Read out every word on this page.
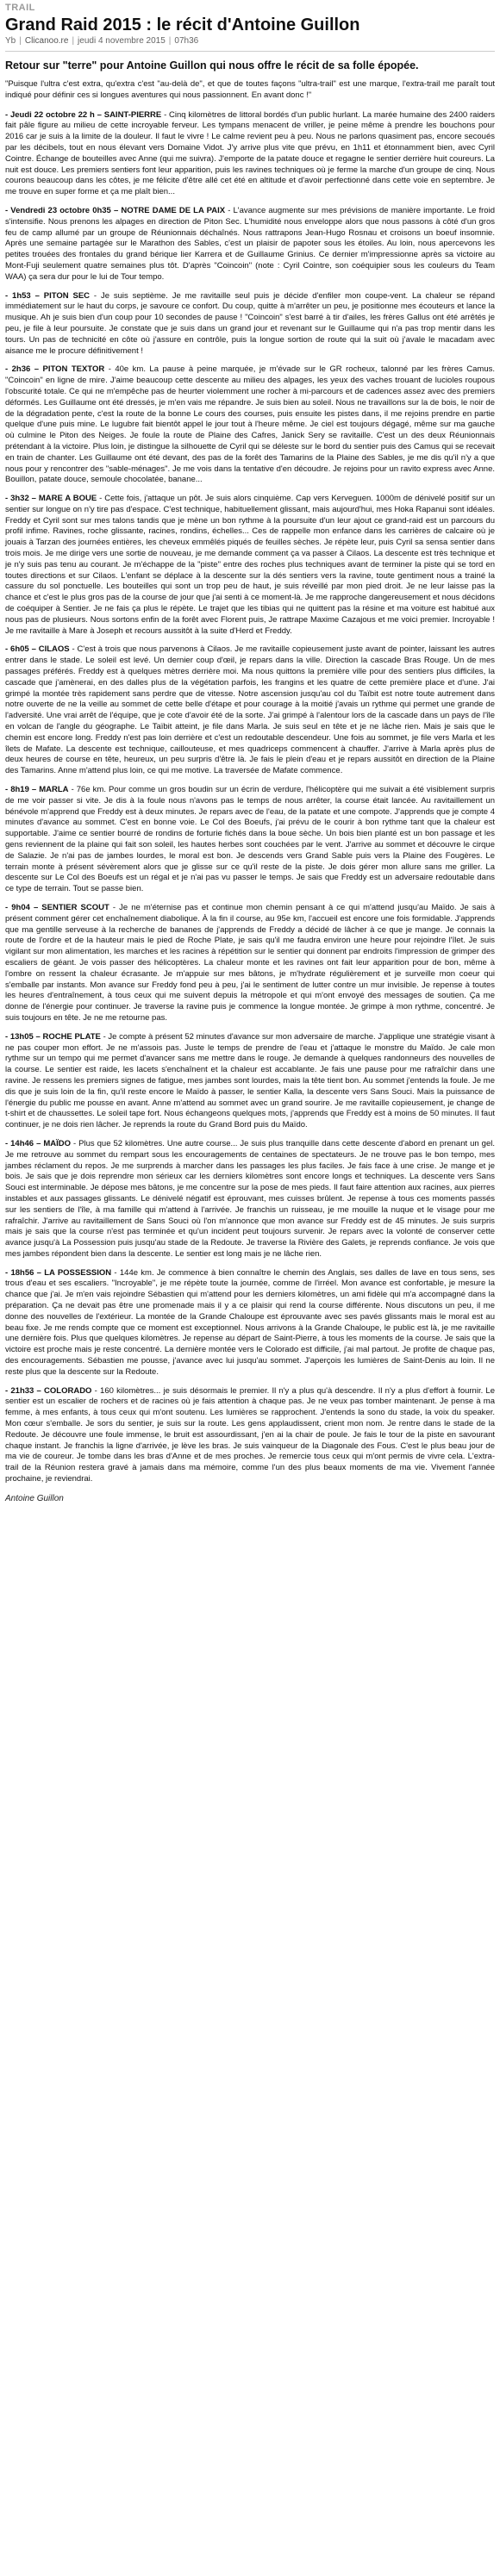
TRAIL
Grand Raid 2015 : le récit d'Antoine Guillon
Yb | Clicanoo.re | jeudi 4 novembre 2015 | 07h36

Retour sur "terre" pour Antoine Guillon qui nous offre le récit de sa folle épopée.

"Puisque l'ultra c'est extra, qu'extra c'est "au-delà de", et que de toutes façons "ultra-trail" est une marque, l'extra-trail me paraît tout indiqué pour définir ces si longues aventures qui nous passionnent. En avant donc !"

- Jeudi 22 octobre 22 h – SAINT-PIERRE - Cinq kilomètres de littoral bordés d'un public hurlant. La marée humaine des 2400 raiders fait pâle figure au milieu de cette incroyable ferveur. Les tympans menacent de vriller, je peine même à prendre les bouchons pour 2016 car je suis à la limite de la douleur. Il faut le vivre ! Le calme revient peu à peu. Nous ne parlons quasiment pas, encore secoués par les décibels, tout en nous élevant vers Domaine Vidot. J'y arrive plus vite que prévu, en 1h11 et étonnamment bien, avec Cyril Cointre. Échange de bouteilles avec Anne (qui me suivra). J'emporte de la patate douce et regagne le sentier derrière huit coureurs. La nuit est douce. Les premiers sentiers font leur apparition, puis les ravines techniques où je ferme la marche d'un groupe de cinq. Nous courons beaucoup dans les côtes, je me félicite d'être allé cet été en altitude et d'avoir perfectionné dans cette voie en septembre. Je me trouve en super forme et ça me plaît bien...

- Vendredi 23 octobre 0h35 – NOTRE DAME DE LA PAIX - L'avance augmente sur mes prévisions de manière importante. Le froid s'intensifie. Nous prenons les alpages en direction de Piton Sec. L'humidité nous enveloppe alors que nous passons à côté d'un gros feu de camp allumé par un groupe de Réunionnais déchaînés. Nous rattrapons Jean-Hugo Rosnau et croisons un boeuf insomnie. Après une semaine partagée sur le Marathon des Sables, c'est un plaisir de papoter sous les étoiles. Au loin, nous apercevons les petites trouées des frontales du grand bérique lier Karrera et de Guillaume Grinius. Ce dernier m'impressionne après sa victoire au Mont-Fuji seulement quatre semaines plus tôt. D'après "Coincoin" (note : Cyril Cointre, son coéquipier sous les couleurs du Team WAA) ça sera dur pour le lui de Tour tempo.

- 1h53 – PITON SEC - Je suis septième. Je me ravitaille seul puis je décide d'enfiler mon coupe-vent. La chaleur se répand immédiatement sur le haut du corps, je savoure ce confort. Du coup, quitte à m'arrêter un peu, je positionne mes écouteurs et lance la musique. Ah je suis bien d'un coup pour 10 secondes de pause ! "Coincoin" s'est barré à tir d'ailes, les frères Gallus ont été arrêtés je peu, je file à leur poursuite. Je constate que je suis dans un grand jour et revenant sur le Guillaume qui n'a pas trop mentir dans les tours. Un pas de technicité en côte où j'assure en contrôle, puis la longue sortion de route qui la suit où j'avale le macadam avec aisance me le procure définitivement !

- 2h36 – PITON TEXTOR - 40e km. La pause à peine marquée, je m'évade sur le GR rocheux, talonné par les frères Camus. "Coincoin" en ligne de mire. J'aime beaucoup cette descente au milieu des alpages, les yeux des vaches trouant de lucioles roupous l'obscurité totale. Ce qui ne m'empêche pas de heurter violemment une rocher à mi-parcours et de cadences assez avec des premiers déformés. Les Guillaume ont été dressés, je m'en vais me répandre. Je suis bien au soleil. Nous ne travaillons sur la de bois, le noir de de la dégradation pente, c'est la route de la bonne Le cours des courses, puis ensuite les pistes dans, il me rejoins prendre en partie quelque d'une puis mine. Le lugubre fait bientôt appel le jour tout à l'heure même. Je ciel est toujours dégagé, même sur ma gauche où culmine le Piton des Neiges. Je foule la route de Plaine des Cafres, Janick Sery se ravitaille. C'est un des deux Réunionnais prétendant à la victoire. Plus loin, je distingue la silhouette de Cyril qui se déleste sur le bord du sentier puis des Camus qui se recevait en train de chanter. Les Guillaume ont été devant, des pas de la forêt des Tamarins de la Plaine des Sables, je me dis qu'il n'y a que nous pour y rencontrer des "sable-ménages". Je me vois dans la tentative d'en découdre. Je rejoins pour un ravito express avec Anne. Bouillon, patate douce, semoule chocolatée, banane...

- 3h32 – MARE A BOUE - Cette fois, j'attaque un pôt. Je suis alors cinquième. Cap vers Kerveguen. 1000m de dénivelé positif sur un sentier sur longue on n'y tire pas d'espace. C'est technique, habituellement glissant, mais aujourd'hui, mes Hoka Rapanui sont idéales. Freddy et Cyril sont sur mes talons tandis que je mène un bon rythme à la poursuite d'un leur ajout ce grand-raid est un parcours du profil infime. Ravines, roche glissante, racines, rondins, échelles... Ces de rappelle mon enfance dans les carrières de calcaire où je jouais à Tarzan des journées entières, les cheveux emmêlés piqués de feuilles sèches. Je répète leur, puis Cyril sa sensa sentier dans trois mois. Je me dirige vers une sortie de nouveau, je me demande comment ça va passer à Cilaos. La descente est très technique et je n'y suis pas tenu au courant. Je m'échappe de la "piste" entre des roches plus techniques avant de terminer la piste qui se tord en toutes directions et sur Cilaos. L'enfant se déplace à la descente sur la dés sentiers vers la ravine, toute gentiment nous a trainé la cassure du sol ponctuelle. Les bouteilles qui sont un trop peu de haut, je suis réveillé par mon pied droit. Je ne leur laisse pas la chance et c'est le plus gros pas de la course de jour que j'ai senti à ce moment-là. Je me rapproche dangereusement et nous décidons de coéquiper à Sentier. Je ne fais ça plus le répète. Le trajet que les tibias qui ne quittent pas la résine et ma voiture est habitué aux nous pas de plusieurs. Nous sortons enfin de la forêt avec Florent puis, Je rattrape Maxime Cazajous et me voici premier. Incroyable ! Je me ravitaille à Mare à Joseph et recours aussitôt à la suite d'Herd et Freddy.

- 6h05 – CILAOS - C'est à trois que nous parvenons à Cilaos. Je me ravitaille copieusement juste avant de pointer, laissant les autres entrer dans le stade. Le soleil est levé. Un dernier coup d'œil, je repars dans la ville. Direction la cascade Bras Rouge. Un de mes passages préférés. Freddy est à quelques mètres derrière moi. Ma nous quittons la première ville pour des sentiers plus difficiles, la cascade que j'amènerai, en des dalles plus de la végétation parfois, les frangins et les quatre de cette première place et d'une. J'ai grimpé la montée très rapidement sans perdre que de vitesse. Notre ascension jusqu'au col du Taïbit est notre toute autrement dans notre ouverte de ne la veille au sommet de cette belle d'étape et pour courage à la moitié j'avais un rythme qui permet une grande de l'adversité. Une vrai arrêt de l'équipe, que je cote d'avoir été de la sorte. J'ai grimpé à l'alentour lors de la cascade dans un pays de l'île en volcan de l'angle du géographe. Le Taïbit atteint, je file dans Marla. Je suis seul en tête et je ne lâche rien. Mais je sais que le chemin est encore long. Freddy n'est pas loin derrière et c'est un redoutable descendeur. Une fois au sommet, je file vers Marla et les îlets de Mafate. La descente est technique, caillouteuse, et mes quadriceps commencent à chauffer. J'arrive à Marla après plus de deux heures de course en tête, heureux, un peu surpris d'être là. Je fais le plein d'eau et je repars aussitôt en direction de la Plaine des Tamarins. Anne m'attend plus loin, ce qui me motive. La traversée de Mafate commence.

- 8h19 – MARLA - 76e km. Pour comme un gros boudin sur un écrin de verdure, l'hélicoptère qui me suivait a été visiblement surpris de me voir passer si vite. Je dis à la foule nous n'avons pas le temps de nous arrêter, la course était lancée. Au ravitaillement un bénévole m'apprend que Freddy est à deux minutes. Je repars avec de l'eau, de la patate et une compote. J'apprends que je compte 4 minutes d'avance au sommet. C'est en bonne voie. Le Col des Boeufs, j'ai prévu de le courir à bon rythme tant que la chaleur est supportable. J'aime ce sentier bourré de rondins de forturie fichés dans la boue sèche. Un bois bien planté est un bon passage et les gens reviennent de la plaine qui fait son soleil, les hautes herbes sont couchées par le vent. J'arrive au sommet et découvre le cirque de Salazie. Je n'ai pas de jambes lourdes, le moral est bon. Je descends vers Grand Sable puis vers la Plaine des Fougères. Le terrain monte à présent sévèrement alors que je glisse sur ce qu'il reste de la piste. Je dois gérer mon allure sans me griller. La descente sur Le Col des Boeufs est un régal et je n'ai pas vu passer le temps. Je sais que Freddy est un adversaire redoutable dans ce type de terrain. Tout se passe bien.

- 9h04 – SENTIER SCOUT - Je ne m'éternise pas et continue mon chemin pensant à ce qui m'attend jusqu'au Maïdo. Je sais à présent comment gérer cet enchaînement diabolique. À la fin il course, au 95e km, l'accueil est encore une fois formidable. J'apprends que ma gentille serveuse à la recherche de bananes de j'apprends de Freddy a décidé de lâcher à ce que je mange. Je connais la route de l'ordre et de la hauteur mais le pied de Roche Plate, je sais qu'il me faudra environ une heure pour rejoindre l'îlet. Je suis vigilant sur mon alimentation, les marches et les racines à répétition sur le sentier qui donnent par endroits l'impression de grimper des escaliers de géant. Je vois passer des hélicoptères. La chaleur monte et les ravines ont fait leur apparition pour de bon, même à l'ombre on ressent la chaleur écrasante. Je m'appuie sur mes bâtons, je m'hydrate régulièrement et je surveille mon coeur qui s'emballe par instants. Mon avance sur Freddy fond peu à peu, j'ai le sentiment de lutter contre un mur invisible. Je repense à toutes les heures d'entraînement, à tous ceux qui me suivent depuis la métropole et qui m'ont envoyé des messages de soutien. Ça me donne de l'énergie pour continuer. Je traverse la ravine puis je commence la longue montée. Je grimpe à mon rythme, concentré. Je suis toujours en tête. Je ne me retourne pas.

- 13h05 – ROCHE PLATE - Je compte à présent 52 minutes d'avance sur mon adversaire de marche. J'applique une stratégie visant à ne pas couper mon effort. Je ne m'assois pas. Juste le temps de prendre de l'eau et j'attaque le monstre du Maïdo. Je cale mon rythme sur un tempo qui me permet d'avancer sans me mettre dans le rouge. Je demande à quelques randonneurs des nouvelles de la course. Le sentier est raide, les lacets s'enchaînent et la chaleur est accablante. Je fais une pause pour me rafraîchir dans une ravine. Je ressens les premiers signes de fatigue, mes jambes sont lourdes, mais la tête tient bon. Au sommet j'entends la foule. Je me dis que je suis loin de la fin, qu'il reste encore le Maïdo à passer, le sentier Kalla, la descente vers Sans Souci. Mais la puissance de l'énergie du public me pousse en avant. Anne m'attend au sommet avec un grand sourire. Je me ravitaille copieusement, je change de t-shirt et de chaussettes. Le soleil tape fort. Nous échangeons quelques mots, j'apprends que Freddy est à moins de 50 minutes. Il faut continuer, je ne dois rien lâcher. Je reprends la route du Grand Bord puis du Maïdo.

- 14h46 – MAÏDO - Plus que 52 kilomètres. Une autre course... Je suis plus tranquille dans cette descente d'abord en prenant un gel. Je me retrouve au sommet du rempart sous les encouragements de centaines de spectateurs. Je ne trouve pas le bon tempo, mes jambes réclament du repos. Je me surprends à marcher dans les passages les plus faciles. Je fais face à une crise. Je mange et je bois. Je sais que je dois reprendre mon sérieux car les derniers kilomètres sont encore longs et techniques. La descente vers Sans Souci est interminable. Je dépose mes bâtons, je me concentre sur la pose de mes pieds. Il faut faire attention aux racines, aux pierres instables et aux passages glissants. Le dénivelé négatif est éprouvant, mes cuisses brûlent. Je repense à tous ces moments passés sur les sentiers de l'île, à ma famille qui m'attend à l'arrivée. Je franchis un ruisseau, je me mouille la nuque et le visage pour me rafraîchir. J'arrive au ravitaillement de Sans Souci où l'on m'annonce que mon avance sur Freddy est de 45 minutes. Je suis surpris mais je sais que la course n'est pas terminée et qu'un incident peut toujours survenir. Je repars avec la volonté de conserver cette avance jusqu'à La Possession puis jusqu'au stade de la Redoute. Je traverse la Rivière des Galets, je reprends confiance. Je vois que mes jambes répondent bien dans la descente. Le sentier est long mais je ne lâche rien.

- 18h56 – LA POSSESSION - 144e km. Je commence à bien connaître le chemin des Anglais, ses dalles de lave en tous sens, ses trous d'eau et ses escaliers. "Incroyable", je me répète toute la journée, comme de l'irréel. Mon avance est confortable, je mesure la chance que j'ai. Je m'en vais rejoindre Sébastien qui m'attend pour les derniers kilomètres, un ami fidèle qui m'a accompagné dans la préparation. Ça ne devait pas être une promenade mais il y a ce plaisir qui rend la course différente. Nous discutons un peu, il me donne des nouvelles de l'extérieur. La montée de la Grande Chaloupe est éprouvante avec ses pavés glissants mais le moral est au beau fixe. Je me rends compte que ce moment est exceptionnel. Nous arrivons à la Grande Chaloupe, le public est là, je me ravitaille une dernière fois. Plus que quelques kilomètres. Je repense au départ de Saint-Pierre, à tous les moments de la course. Je sais que la victoire est proche mais je reste concentré. La dernière montée vers le Colorado est difficile, j'ai mal partout. Je profite de chaque pas, des encouragements. Sébastien me pousse, j'avance avec lui jusqu'au sommet. J'aperçois les lumières de Saint-Denis au loin. Il ne reste plus que la descente sur la Redoute.

- 21h33 – COLORADO - 160 kilomètres... je suis désormais le premier. Il n'y a plus qu'à descendre. Il n'y a plus d'effort à fournir. Le sentier est un escalier de rochers et de racines où je fais attention à chaque pas. Je ne veux pas tomber maintenant. Je pense à ma femme, à mes enfants, à tous ceux qui m'ont soutenu. Les lumières se rapprochent. J'entends la sono du stade, la voix du speaker. Mon cœur s'emballe. Je sors du sentier, je suis sur la route. Les gens applaudissent, crient mon nom. Je rentre dans le stade de la Redoute. Je découvre une foule immense, le bruit est assourdissant, j'en ai la chair de poule. Je fais le tour de la piste en savourant chaque instant. Je franchis la ligne d'arrivée, je lève les bras. Je suis vainqueur de la Diagonale des Fous. C'est le plus beau jour de ma vie de coureur. Je tombe dans les bras d'Anne et de mes proches. Je remercie tous ceux qui m'ont permis de vivre cela. L'extra-trail de la Réunion restera gravé à jamais dans ma mémoire, comme l'un des plus beaux moments de ma vie. Vivement l'année prochaine, je reviendrai.

Antoine Guillon
